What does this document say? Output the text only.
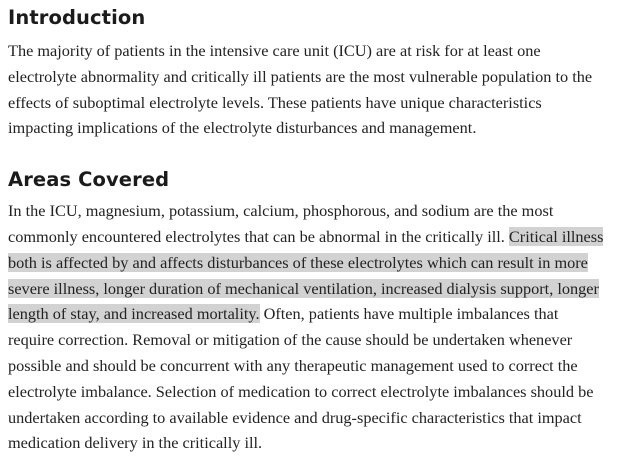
Introduction

The majority of patients in the intensive care unit (ICU) are at risk for at least one
electrolyte abnormality and critically ill patients are the most vulnerable population to the
effects of suboptimal electrolyte levels. These patients have unique characteristics
impacting implications of the electrolyte disturbances and management.

Areas Covered

In the ICU, magnesium, potassium, calcium, phosphorous, and sodium are the most
commonly encountered electrolytes that can be abnormal in the critically ill. Critical illness
both is affected by and affects disturbances of these electrolytes which can result in more
severe illness, longer duration of mechanical ventilation, increased dialysis support, longer
length of stay, and increased mortality. Often, patients have multiple imbalances that
require correction. Removal or mitigation of the cause should be undertaken whenever
possible and should be concurrent with any therapeutic management used to correct the
electrolyte imbalance. Selection of medication to correct electrolyte imbalances should be
undertaken according to available evidence and drug-specific characteristics that impact
medication delivery in the critically ill.
